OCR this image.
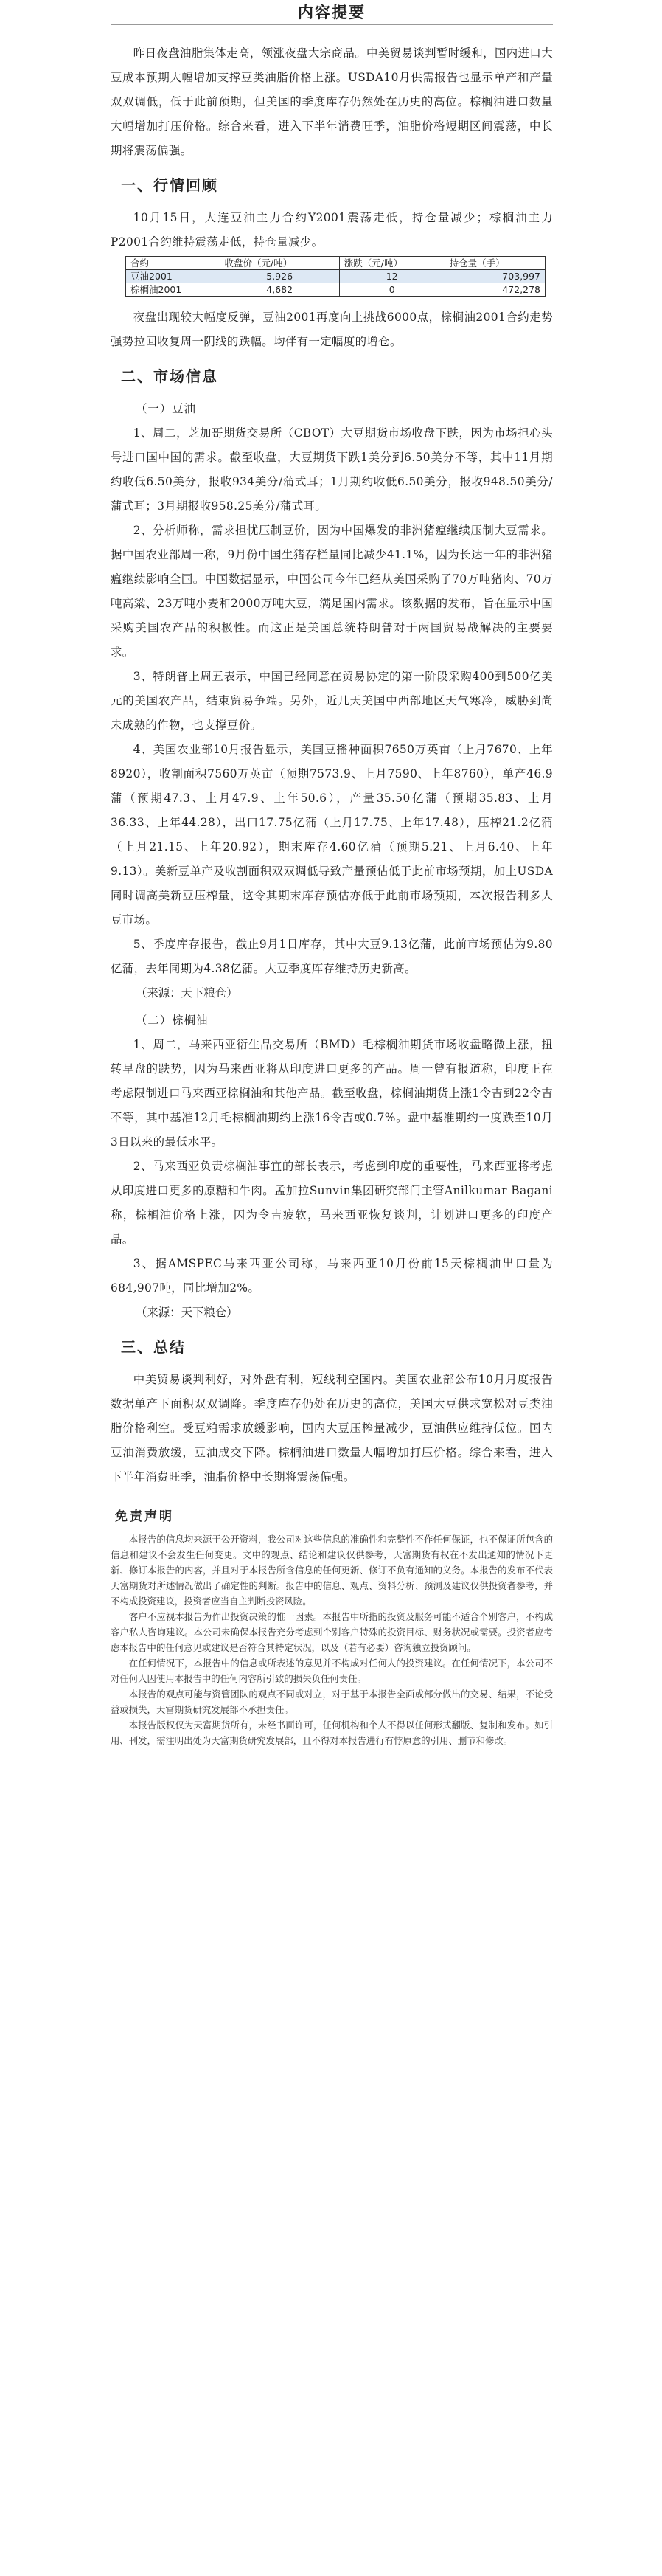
内容提要

昨日夜盘油脂集体走高，领涨夜盘大宗商品。中美贸易谈判暂时缓和，国内进口大豆成本预期大幅增加支撑豆类油脂价格上涨。USDA10月供需报告也显示单产和产量双双调低，低于此前预期，但美国的季度库存仍然处在历史的高位。棕榈油进口数量大幅增加打压价格。综合来看，进入下半年消费旺季，油脂价格短期区间震荡，中长期将震荡偏强。

一、行情回顾

10月15日，大连豆油主力合约Y2001震荡走低，持仓量减少；棕榈油主力P2001合约维持震荡走低，持仓量减少。

合约	收盘价（元/吨）	涨跌（元/吨）	持仓量（手）
豆油2001	5,926	12	703,997
棕榈油2001	4,682	0	472,278

夜盘出现较大幅度反弹，豆油2001再度向上挑战6000点，棕榈油2001合约走势强势拉回收复周一阴线的跌幅。均伴有一定幅度的增仓。

二、市场信息
（一）豆油

1、周二，芝加哥期货交易所（CBOT）大豆期货市场收盘下跌，因为市场担心头号进口国中国的需求。截至收盘，大豆期货下跌1美分到6.50美分不等，其中11月期约收低6.50美分，报收934美分/蒲式耳；1月期约收低6.50美分，报收948.50美分/蒲式耳；3月期报收958.25美分/蒲式耳。

2、分析师称，需求担忧压制豆价，因为中国爆发的非洲猪瘟继续压制大豆需求。据中国农业部周一称，9月份中国生猪存栏量同比减少41.1%，因为长达一年的非洲猪瘟继续影响全国。中国数据显示，中国公司今年已经从美国采购了70万吨猪肉、70万吨高粱、23万吨小麦和2000万吨大豆，满足国内需求。该数据的发布，旨在显示中国采购美国农产品的积极性。而这正是美国总统特朗普对于两国贸易战解决的主要要求。

3、特朗普上周五表示，中国已经同意在贸易协定的第一阶段采购400到500亿美元的美国农产品，结束贸易争端。另外，近几天美国中西部地区天气寒冷，威胁到尚未成熟的作物，也支撑豆价。

4、美国农业部10月报告显示，美国豆播种面积7650万英亩（上月7670、上年8920），收割面积7560万英亩（预期7573.9、上月7590、上年8760），单产46.9蒲（预期47.3、上月47.9、上年50.6），产量35.50亿蒲（预期35.83、上月36.33、上年44.28），出口17.75亿蒲（上月17.75、上年17.48），压榨21.2亿蒲（上月21.15、上年20.92），期末库存4.60亿蒲（预期5.21、上月6.40、上年9.13）。美新豆单产及收割面积双双调低导致产量预估低于此前市场预期，加上USDA同时调高美新豆压榨量，这令其期末库存预估亦低于此前市场预期，本次报告利多大豆市场。

5、季度库存报告，截止9月1日库存，其中大豆9.13亿蒲，此前市场预估为9.80亿蒲，去年同期为4.38亿蒲。大豆季度库存维持历史新高。

（来源：天下粮仓）
（二）棕榈油

1、周二，马来西亚衍生品交易所（BMD）毛棕榈油期货市场收盘略微上涨，扭转早盘的跌势，因为马来西亚将从印度进口更多的产品。周一曾有报道称，印度正在考虑限制进口马来西亚棕榈油和其他产品。截至收盘，棕榈油期货上涨1令吉到22令吉不等，其中基准12月毛棕榈油期约上涨16令吉或0.7%。盘中基准期约一度跌至10月3日以来的最低水平。

2、马来西亚负责棕榈油事宜的部长表示，考虑到印度的重要性，马来西亚将考虑从印度进口更多的原糖和牛肉。孟加拉Sunvin集团研究部门主管Anilkumar Bagani称，棕榈油价格上涨，因为令吉疲软，马来西亚恢复谈判，计划进口更多的印度产品。

3、据AMSPEC马来西亚公司称，马来西亚10月份前15天棕榈油出口量为684,907吨，同比增加2%。

（来源：天下粮仓）
三、总结

中美贸易谈判利好，对外盘有利，短线利空国内。美国农业部公布10月月度报告数据单产下面积双双调降。季度库存仍处在历史的高位，美国大豆供求宽松对豆类油脂价格利空。受豆粕需求放缓影响，国内大豆压榨量减少，豆油供应维持低位。国内豆油消费放缓，豆油成交下降。棕榈油进口数量大幅增加打压价格。综合来看，进入下半年消费旺季，油脂价格中长期将震荡偏强。

免责声明

本报告的信息均来源于公开资料，我公司对这些信息的准确性和完整性不作任何保证，也不保证所包含的信息和建议不会发生任何变更。文中的观点、结论和建议仅供参考，天富期货有权在不发出通知的情况下更新、修订本报告的内容，并且对于本报告所含信息的任何更新、修订不负有通知的义务。本报告的发布不代表天富期货对所述情况做出了确定性的判断。报告中的信息、观点、资料分析、预测及建议仅供投资者参考，并不构成投资建议，投资者应当自主判断投资风险。

客户不应视本报告为作出投资决策的惟一因素。本报告中所指的投资及服务可能不适合个别客户，不构成客户私人咨询建议。本公司未确保本报告充分考虑到个别客户特殊的投资目标、财务状况或需要。投资者应考虑本报告中的任何意见或建议是否符合其特定状况，以及（若有必要）咨询独立投资顾问。

在任何情况下，本报告中的信息或所表述的意见并不构成对任何人的投资建议。在任何情况下，本公司不对任何人因使用本报告中的任何内容所引致的损失负任何责任。

本报告的观点可能与资管团队的观点不同或对立，对于基于本报告全面或部分做出的交易、结果，不论受益或损失，天富期货研究发展部不承担责任。

本报告版权仅为天富期货所有，未经书面许可，任何机构和个人不得以任何形式翻版、复制和发布。如引用、刊发，需注明出处为天富期货研究发展部，且不得对本报告进行有悖原意的引用、删节和修改。
